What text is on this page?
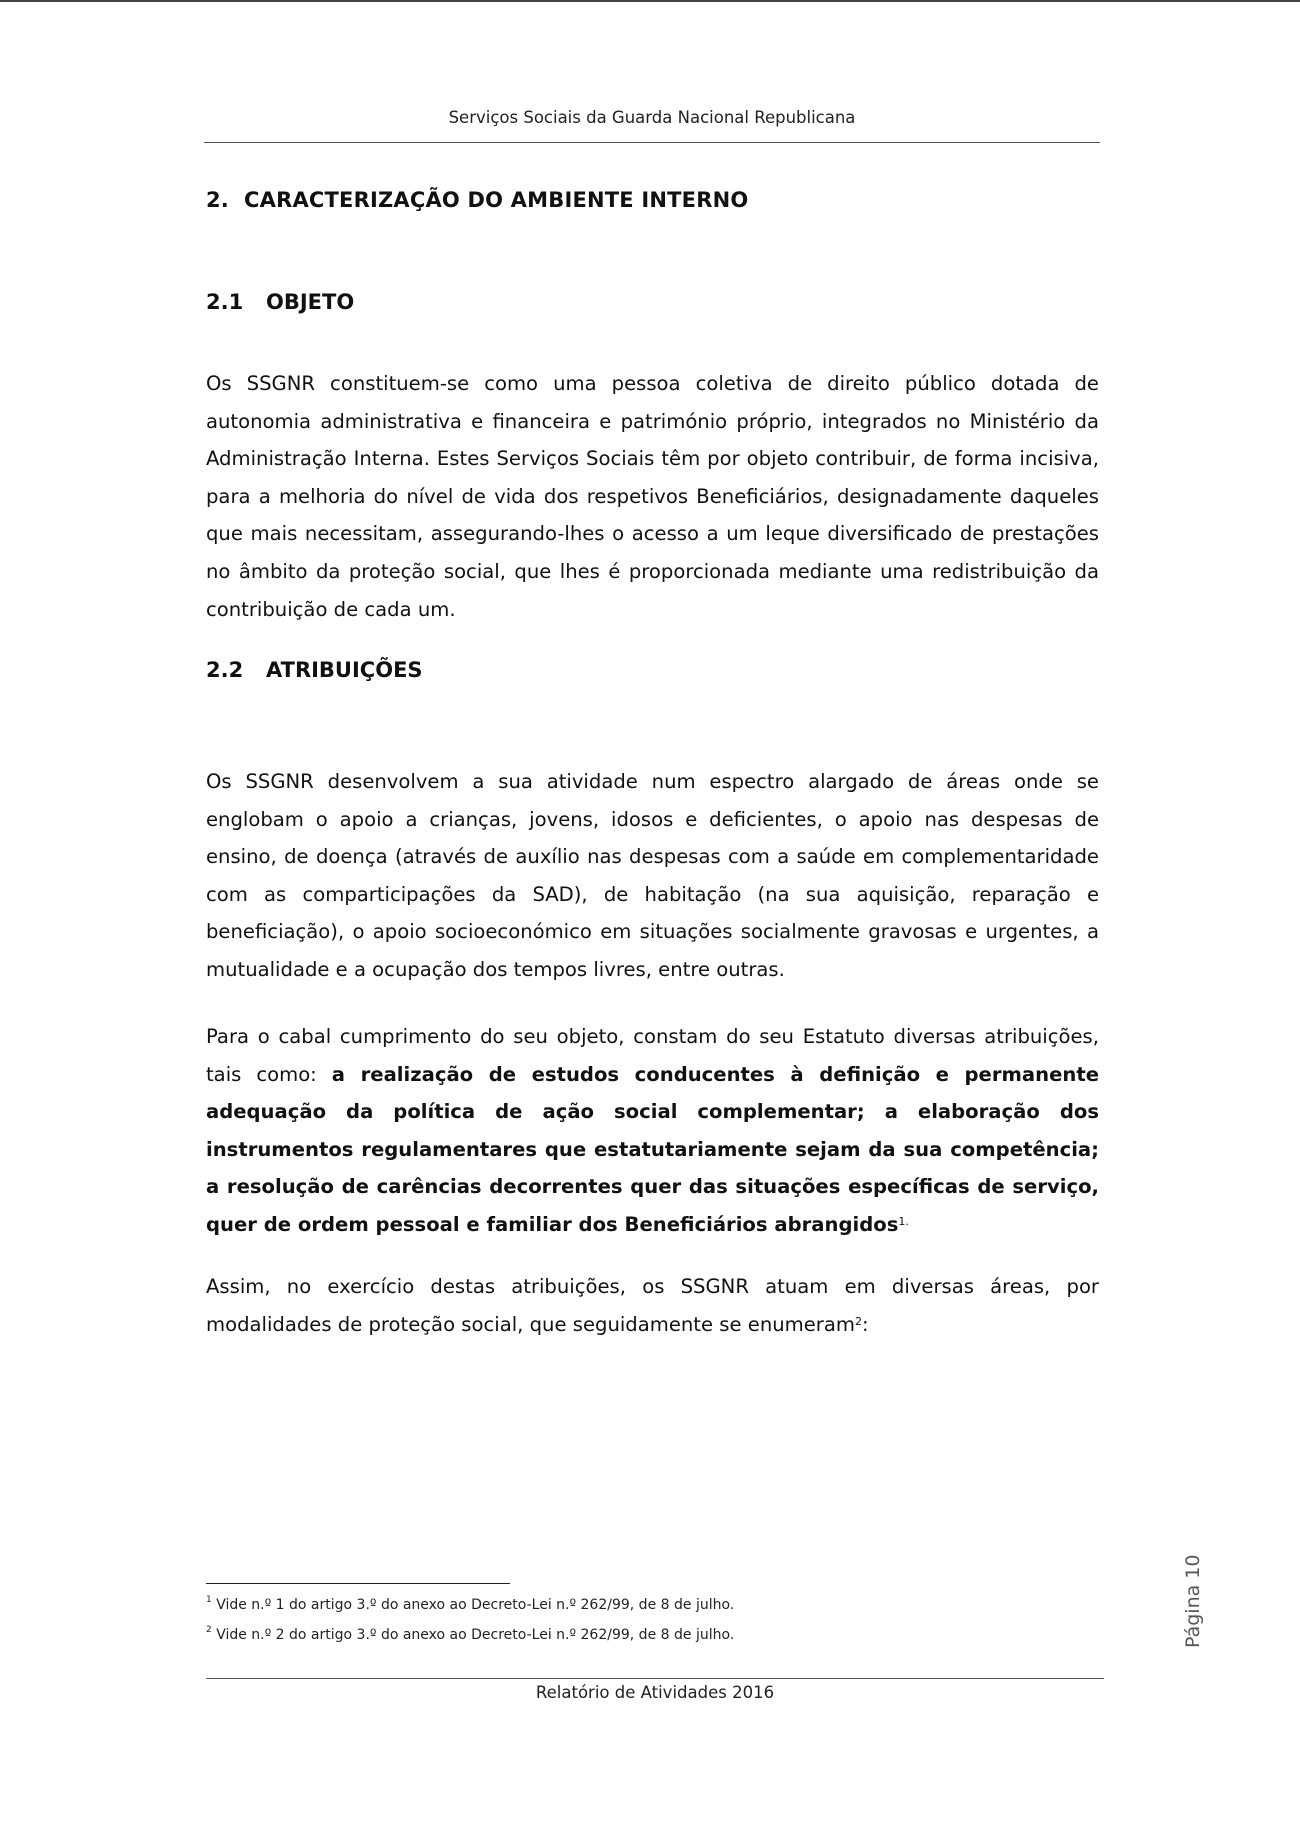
Serviços Sociais da Guarda Nacional Republicana
2. CARACTERIZAÇÃO DO AMBIENTE INTERNO
2.1 OBJETO

Os SSGNR constituem-se como uma pessoa coletiva de direito público dotada de autonomia administrativa e financeira e património próprio, integrados no Ministério da Administração Interna. Estes Serviços Sociais têm por objeto contribuir, de forma incisiva, para a melhoria do nível de vida dos respetivos Beneficiários, designadamente daqueles que mais necessitam, assegurando-lhes o acesso a um leque diversificado de prestações no âmbito da proteção social, que lhes é proporcionada mediante uma redistribuição da contribuição de cada um.

2.2 ATRIBUIÇÕES

Os SSGNR desenvolvem a sua atividade num espectro alargado de áreas onde se englobam o apoio a crianças, jovens, idosos e deficientes, o apoio nas despesas de ensino, de doença (através de auxílio nas despesas com a saúde em complementaridade com as comparticipações da SAD), de habitação (na sua aquisição, reparação e beneficiação), o apoio socioeconómico em situações socialmente gravosas e urgentes, a mutualidade e a ocupação dos tempos livres, entre outras.

Para o cabal cumprimento do seu objeto, constam do seu Estatuto diversas atribuições, tais como: a realização de estudos conducentes à definição e permanente adequação da política de ação social complementar; a elaboração dos instrumentos regulamentares que estatutariamente sejam da sua competência; a resolução de carências decorrentes quer das situações específicas de serviço, quer de ordem pessoal e familiar dos Beneficiários abrangidos$^{1.}$

Assim, no exercício destas atribuições, os SSGNR atuam em diversas áreas, por modalidades de proteção social, que seguidamente se enumeram$^2$:

$^1$ Vide n.º 1 do artigo 3.º do anexo ao Decreto-Lei n.º 262/99, de 8 de julho.
$^2$ Vide n.º 2 do artigo 3.º do anexo ao Decreto-Lei n.º 262/99, de 8 de julho.	Página 10
Relatório de Atividades 2016
